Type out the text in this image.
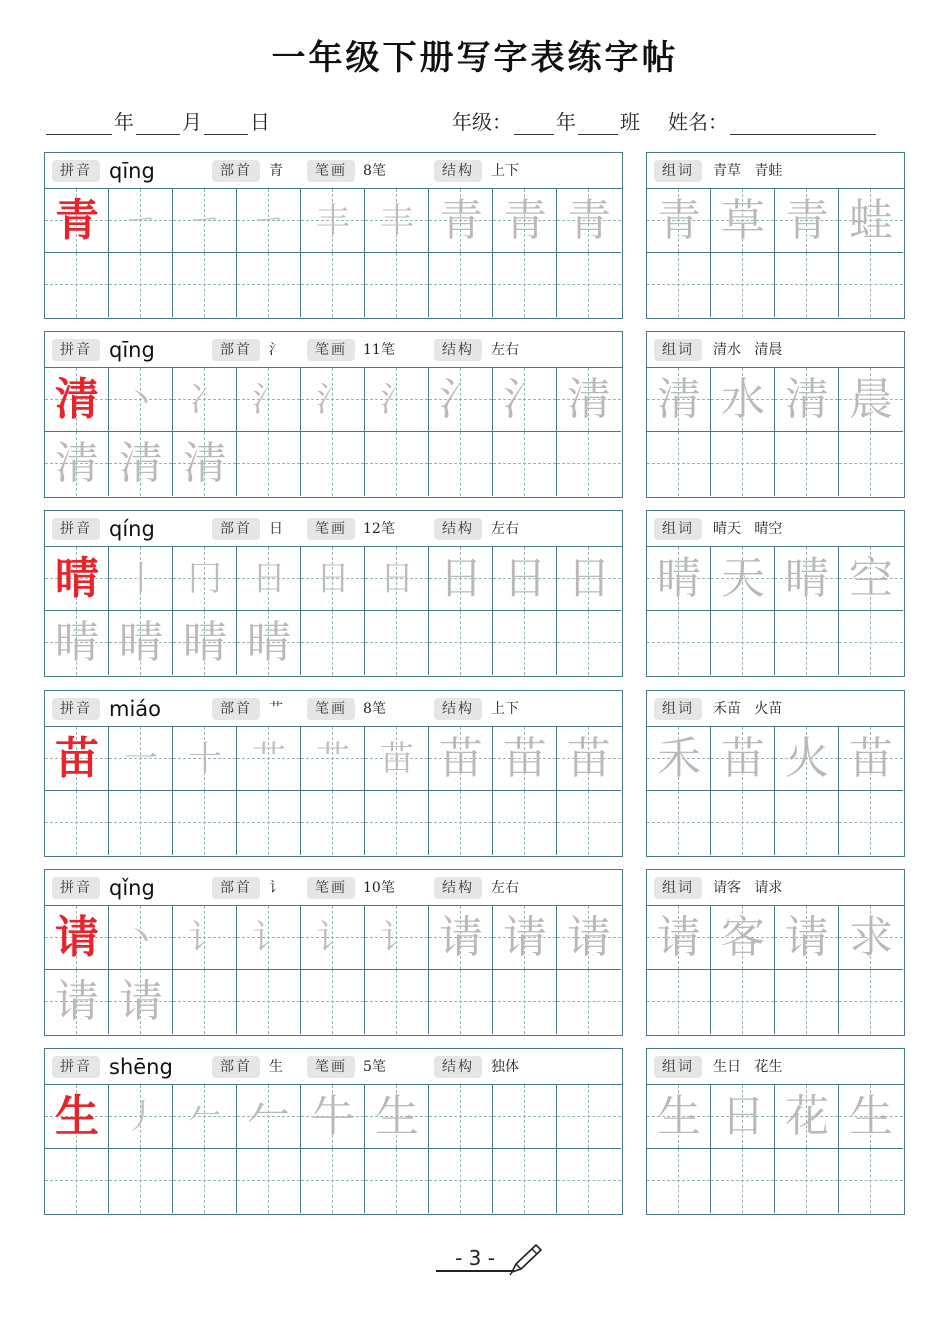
一年级下册写字表练字帖
年 月 日	年级： 年 班 姓名：
拼音 qīng	部首	青	笔画	8笔	结构	上下
青 ㄧ ㄧ ㄧ 丰 丰 青 青 青
组词	青草   青蛙
青 草 青 蛙
拼音 qīng	部首	氵	笔画	11笔	结构	左右
清 丶 冫 氵 氵 氵 氵 氵 清
清 清 清
组词	清水   清晨
清 水 清 晨
拼音 qíng	部首	日	笔画	12笔	结构	左右
晴 丨 冂 日 日 日 日 日 日
晴 晴 晴 晴
组词	晴天   晴空
晴 天 晴 空
拼音 miáo	部首	艹	笔画	8笔	结构	上下
苗 一 十 艹 艹 苗 苗 苗 苗
组词	禾苗   火苗
禾 苗 火 苗
拼音 qǐng	部首	讠	笔画	10笔	结构	左右
请 丶 讠 讠 讠 讠 请 请 请
请 请
组词	请客   请求
请 客 请 求
拼音 shēng	部首	生	笔画	5笔	结构	独体
生 丿 𠂉 𠂉 牛 生
组词	生日   花生
生 日 花 生
- 3 -
